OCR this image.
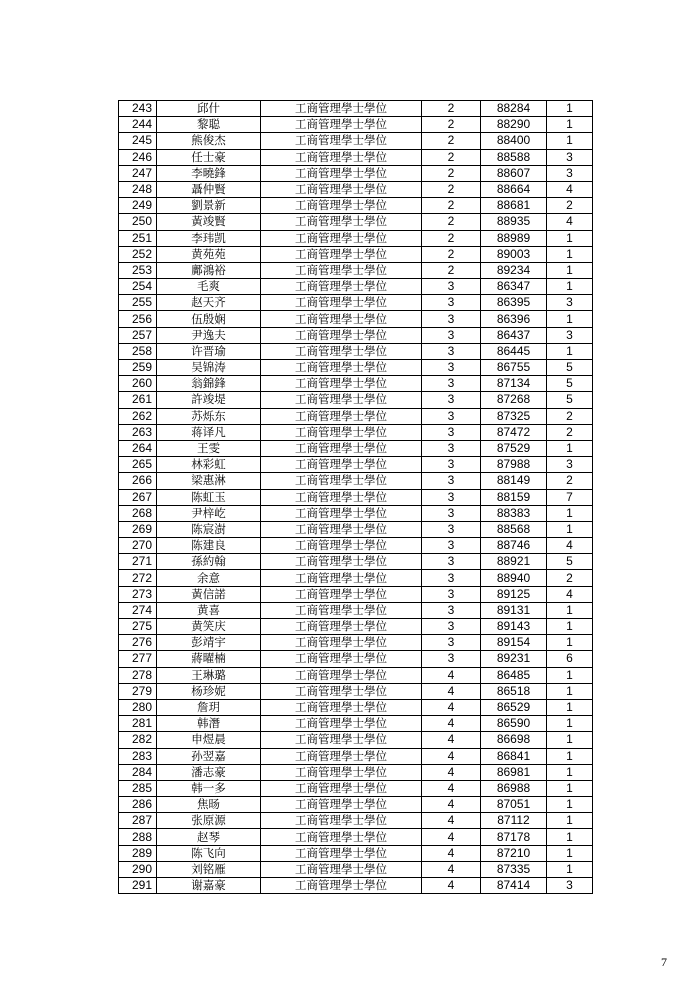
243	邱什	工商管理學士學位	2	88284	1
244	黎聪	工商管理學士學位	2	88290	1
245	熊俊杰	工商管理學士學位	2	88400	1
246	任士豪	工商管理學士學位	2	88588	3
247	李曉鋒	工商管理學士學位	2	88607	3
248	聶仲賢	工商管理學士學位	2	88664	4
249	劉景新	工商管理學士學位	2	88681	2
250	黃竣賢	工商管理學士學位	2	88935	4
251	李玮凯	工商管理學士學位	2	88989	1
252	黄苑苑	工商管理學士學位	2	89003	1
253	鄺鴻裕	工商管理學士學位	2	89234	1
254	毛爽	工商管理學士學位	3	86347	1
255	赵天齐	工商管理學士學位	3	86395	3
256	伍殷娴	工商管理學士學位	3	86396	1
257	尹逸夫	工商管理學士學位	3	86437	3
258	许晋瑜	工商管理學士學位	3	86445	1
259	吴锦涛	工商管理學士學位	3	86755	5
260	翁錦鋒	工商管理學士學位	3	87134	5
261	許竣堤	工商管理學士學位	3	87268	5
262	苏烁东	工商管理學士學位	3	87325	2
263	蒋译凡	工商管理學士學位	3	87472	2
264	王雯	工商管理學士學位	3	87529	1
265	林彩虹	工商管理學士學位	3	87988	3
266	梁惠淋	工商管理學士學位	3	88149	2
267	陈虹玉	工商管理學士學位	3	88159	7
268	尹梓屹	工商管理學士學位	3	88383	1
269	陈宸澍	工商管理學士學位	3	88568	1
270	陈建良	工商管理學士學位	3	88746	4
271	孫約翰	工商管理學士學位	3	88921	5
272	余意	工商管理學士學位	3	88940	2
273	黃信諾	工商管理學士學位	3	89125	4
274	黄喜	工商管理學士學位	3	89131	1
275	黄笑庆	工商管理學士學位	3	89143	1
276	彭靖宇	工商管理學士學位	3	89154	1
277	蔣曜楠	工商管理學士學位	3	89231	6
278	王琳璐	工商管理學士學位	4	86485	1
279	杨珍妮	工商管理學士學位	4	86518	1
280	詹玥	工商管理學士學位	4	86529	1
281	韩潛	工商管理學士學位	4	86590	1
282	申煜晨	工商管理學士學位	4	86698	1
283	孙翌嘉	工商管理學士學位	4	86841	1
284	潘志豪	工商管理學士學位	4	86981	1
285	韩一多	工商管理學士學位	4	86988	1
286	焦旸	工商管理學士學位	4	87051	1
287	张原源	工商管理學士學位	4	87112	1
288	赵琴	工商管理學士學位	4	87178	1
289	陈飞向	工商管理學士學位	4	87210	1
290	刘铭雁	工商管理學士學位	4	87335	1
291	谢嘉豪	工商管理學士學位	4	87414	3
7
